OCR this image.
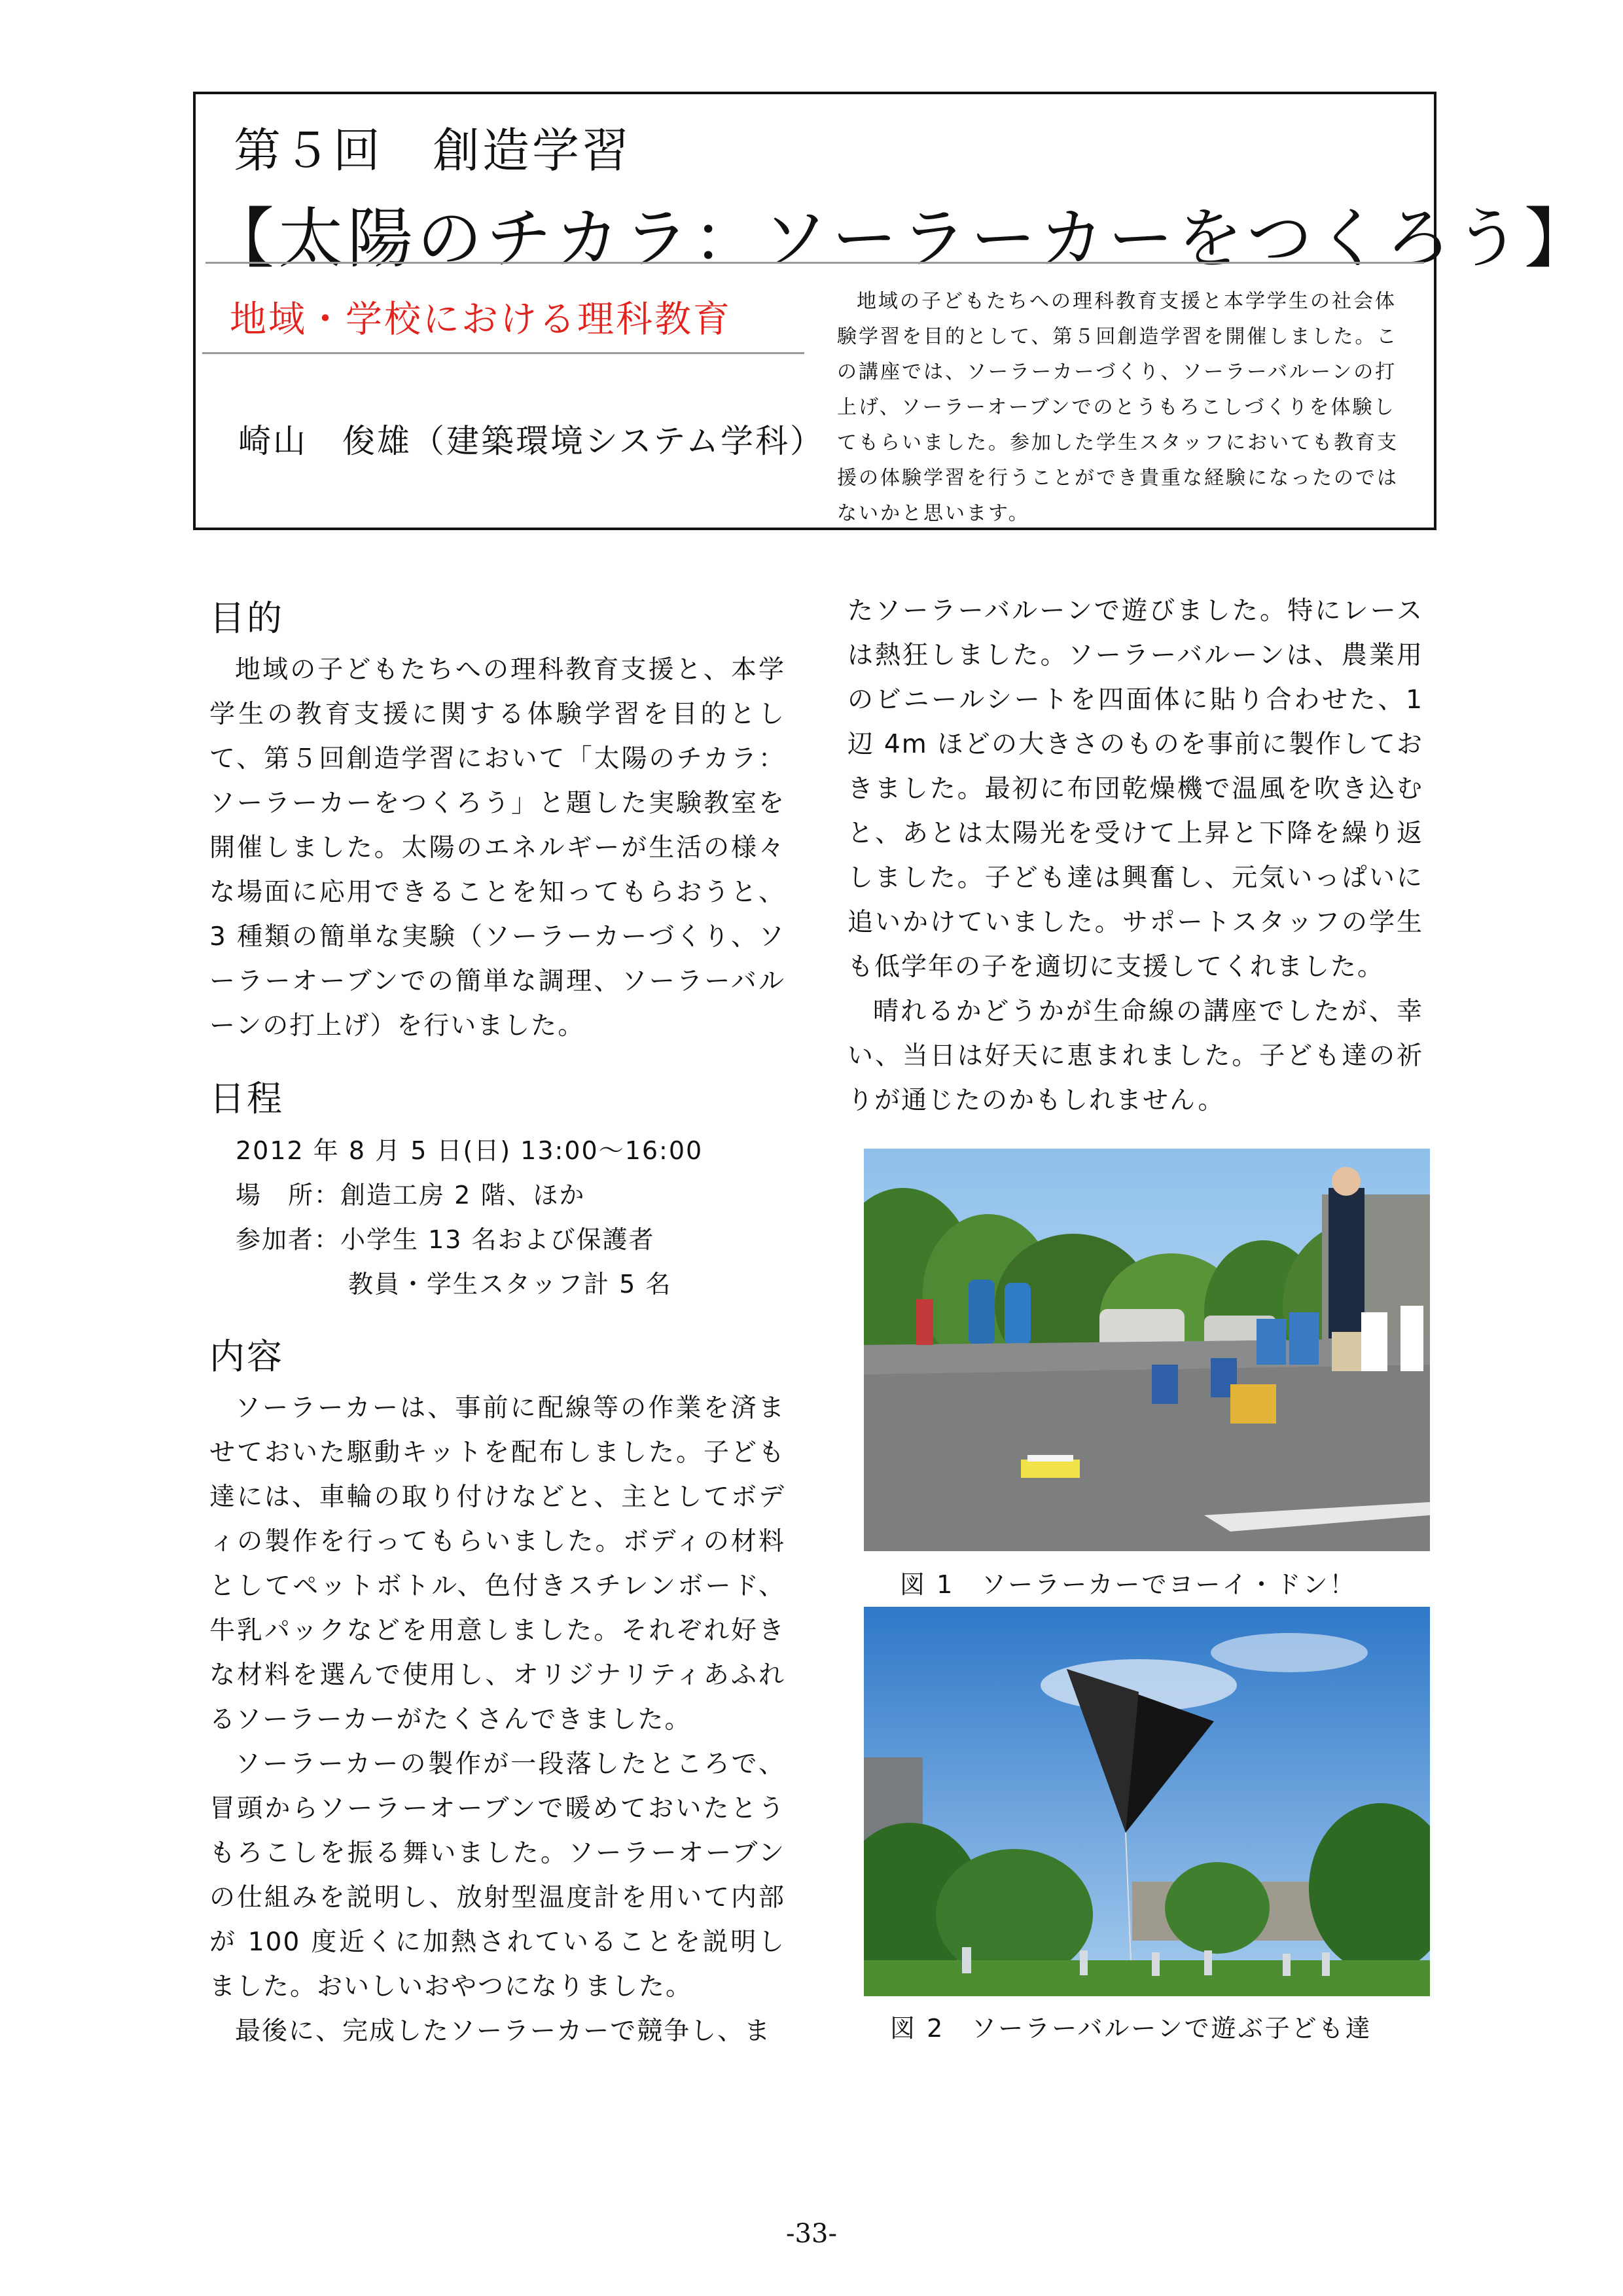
第５回　創造学習
【太陽のチカラ：ソーラーカーをつくろう】
地域・学校における理科教育
崎山　俊雄（建築環境システム学科）

地域の子どもたちへの理科教育支援と本学学生の社会体験学習を目的として、第５回創造学習を開催しました。この講座では、ソーラーカーづくり、ソーラーバルーンの打上げ、ソーラーオーブンでのとうもろこしづくりを体験してもらいました。参加した学生スタッフにおいても教育支援の体験学習を行うことができ貴重な経験になったのではないかと思います。

目的

地域の子どもたちへの理科教育支援と、本学学生の教育支援に関する体験学習を目的として、第５回創造学習において「太陽のチカラ：ソーラーカーをつくろう」と題した実験教室を開催しました。太陽のエネルギーが生活の様々な場面に応用できることを知ってもらおうと、3 種類の簡単な実験（ソーラーカーづくり、ソーラーオーブンでの簡単な調理、ソーラーバルーンの打上げ）を行いました。

日程
2012 年 8 月 5 日(日) 13:00～16:00
場　所：創造工房 2 階、ほか
参加者：小学生 13 名および保護者
教員・学生スタッフ計 5 名
内容

ソーラーカーは、事前に配線等の作業を済ませておいた駆動キットを配布しました。子ども達には、車輪の取り付けなどと、主としてボディの製作を行ってもらいました。ボディの材料としてペットボトル、色付きスチレンボード、牛乳パックなどを用意しました。それぞれ好きな材料を選んで使用し、オリジナリティあふれるソーラーカーがたくさんできました。

ソーラーカーの製作が一段落したところで、冒頭からソーラーオーブンで暖めておいたとうもろこしを振る舞いました。ソーラーオーブンの仕組みを説明し、放射型温度計を用いて内部が 100 度近くに加熱されていることを説明しました。おいしいおやつになりました。

最後に、完成したソーラーカーで競争し、ま

たソーラーバルーンで遊びました。特にレースは熱狂しました。ソーラーバルーンは、農業用のビニールシートを四面体に貼り合わせた、1 辺 4m ほどの大きさのものを事前に製作しておきました。最初に布団乾燥機で温風を吹き込むと、あとは太陽光を受けて上昇と下降を繰り返しました。子ども達は興奮し、元気いっぱいに追いかけていました。サポートスタッフの学生も低学年の子を適切に支援してくれました。

晴れるかどうかが生命線の講座でしたが、幸い、当日は好天に恵まれました。子ども達の祈りが通じたのかもしれません。

図 1　ソーラーカーでヨーイ・ドン！
図 2　ソーラーバルーンで遊ぶ子ども達
-33-
